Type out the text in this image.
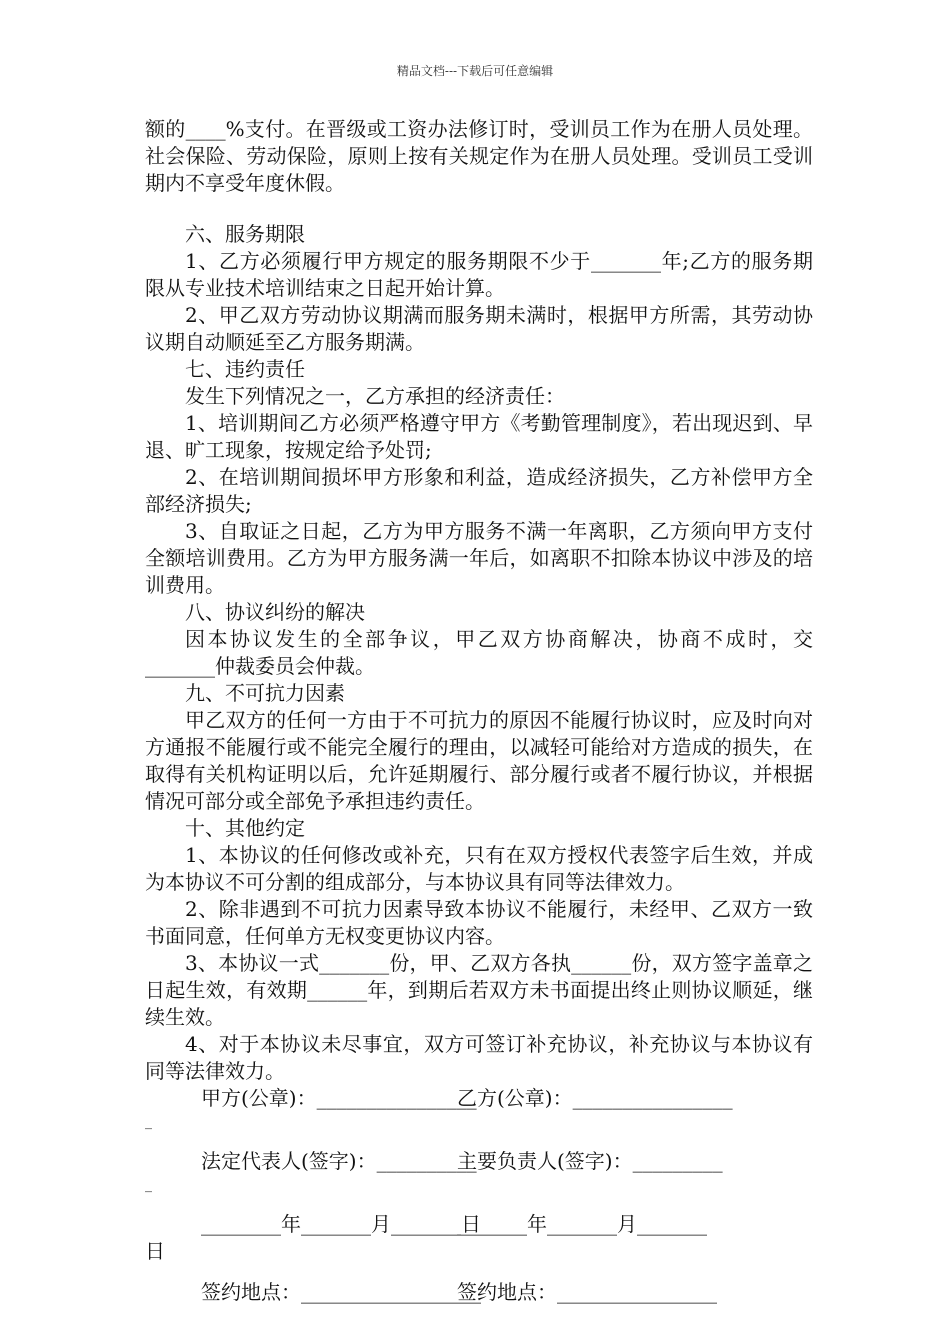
精品文档---下载后可任意编辑

额的____%支付。在晋级或工资办法修订时，受训员工作为在册人员处理。社会保险、劳动保险，原则上按有关规定作为在册人员处理。受训员工受训期内不享受年度休假。

六、服务期限

1、乙方必须履行甲方规定的服务期限不少于_______年;乙方的服务期限从专业技术培训结束之日起开始计算。

2、甲乙双方劳动协议期满而服务期未满时，根据甲方所需，其劳动协议期自动顺延至乙方服务期满。

七、违约责任

发生下列情况之一，乙方承担的经济责任：

1、培训期间乙方必须严格遵守甲方《考勤管理制度》，若出现迟到、早退、旷工现象，按规定给予处罚;

2、在培训期间损坏甲方形象和利益，造成经济损失，乙方补偿甲方全部经济损失;

3、自取证之日起，乙方为甲方服务不满一年离职，乙方须向甲方支付全额培训费用。乙方为甲方服务满一年后，如离职不扣除本协议中涉及的培训费用。

八、协议纠纷的解决

因本协议发生的全部争议，甲乙双方协商解决，协商不成时，交_______仲裁委员会仲裁。

九、不可抗力因素

甲乙双方的任何一方由于不可抗力的原因不能履行协议时，应及时向对方通报不能履行或不能完全履行的理由，以减轻可能给对方造成的损失，在取得有关机构证明以后，允许延期履行、部分履行或者不履行协议，并根据情况可部分或全部免予承担违约责任。

十、其他约定

1、本协议的任何修改或补充，只有在双方授权代表签字后生效，并成为本协议不可分割的组成部分，与本协议具有同等法律效力。

2、除非遇到不可抗力因素导致本协议不能履行，未经甲、乙双方一致书面同意，任何单方无权变更协议内容。

3、本协议一式_______份，甲、乙双方各执______份，双方签字盖章之日起生效，有效期______年，到期后若双方未书面提出终止则协议顺延，继续生效。

4、对于本协议未尽事宜，双方可签订补充协议，补充协议与本协议有同等法律效力。

甲方(公章)：________________
乙方(公章)：________________
_
法定代表人(签字)：__________
主要负责人(签字)：_________
_
________年_______月_______日
_______年_______月_______
日
签约地点：__________________
签约地点：________________
